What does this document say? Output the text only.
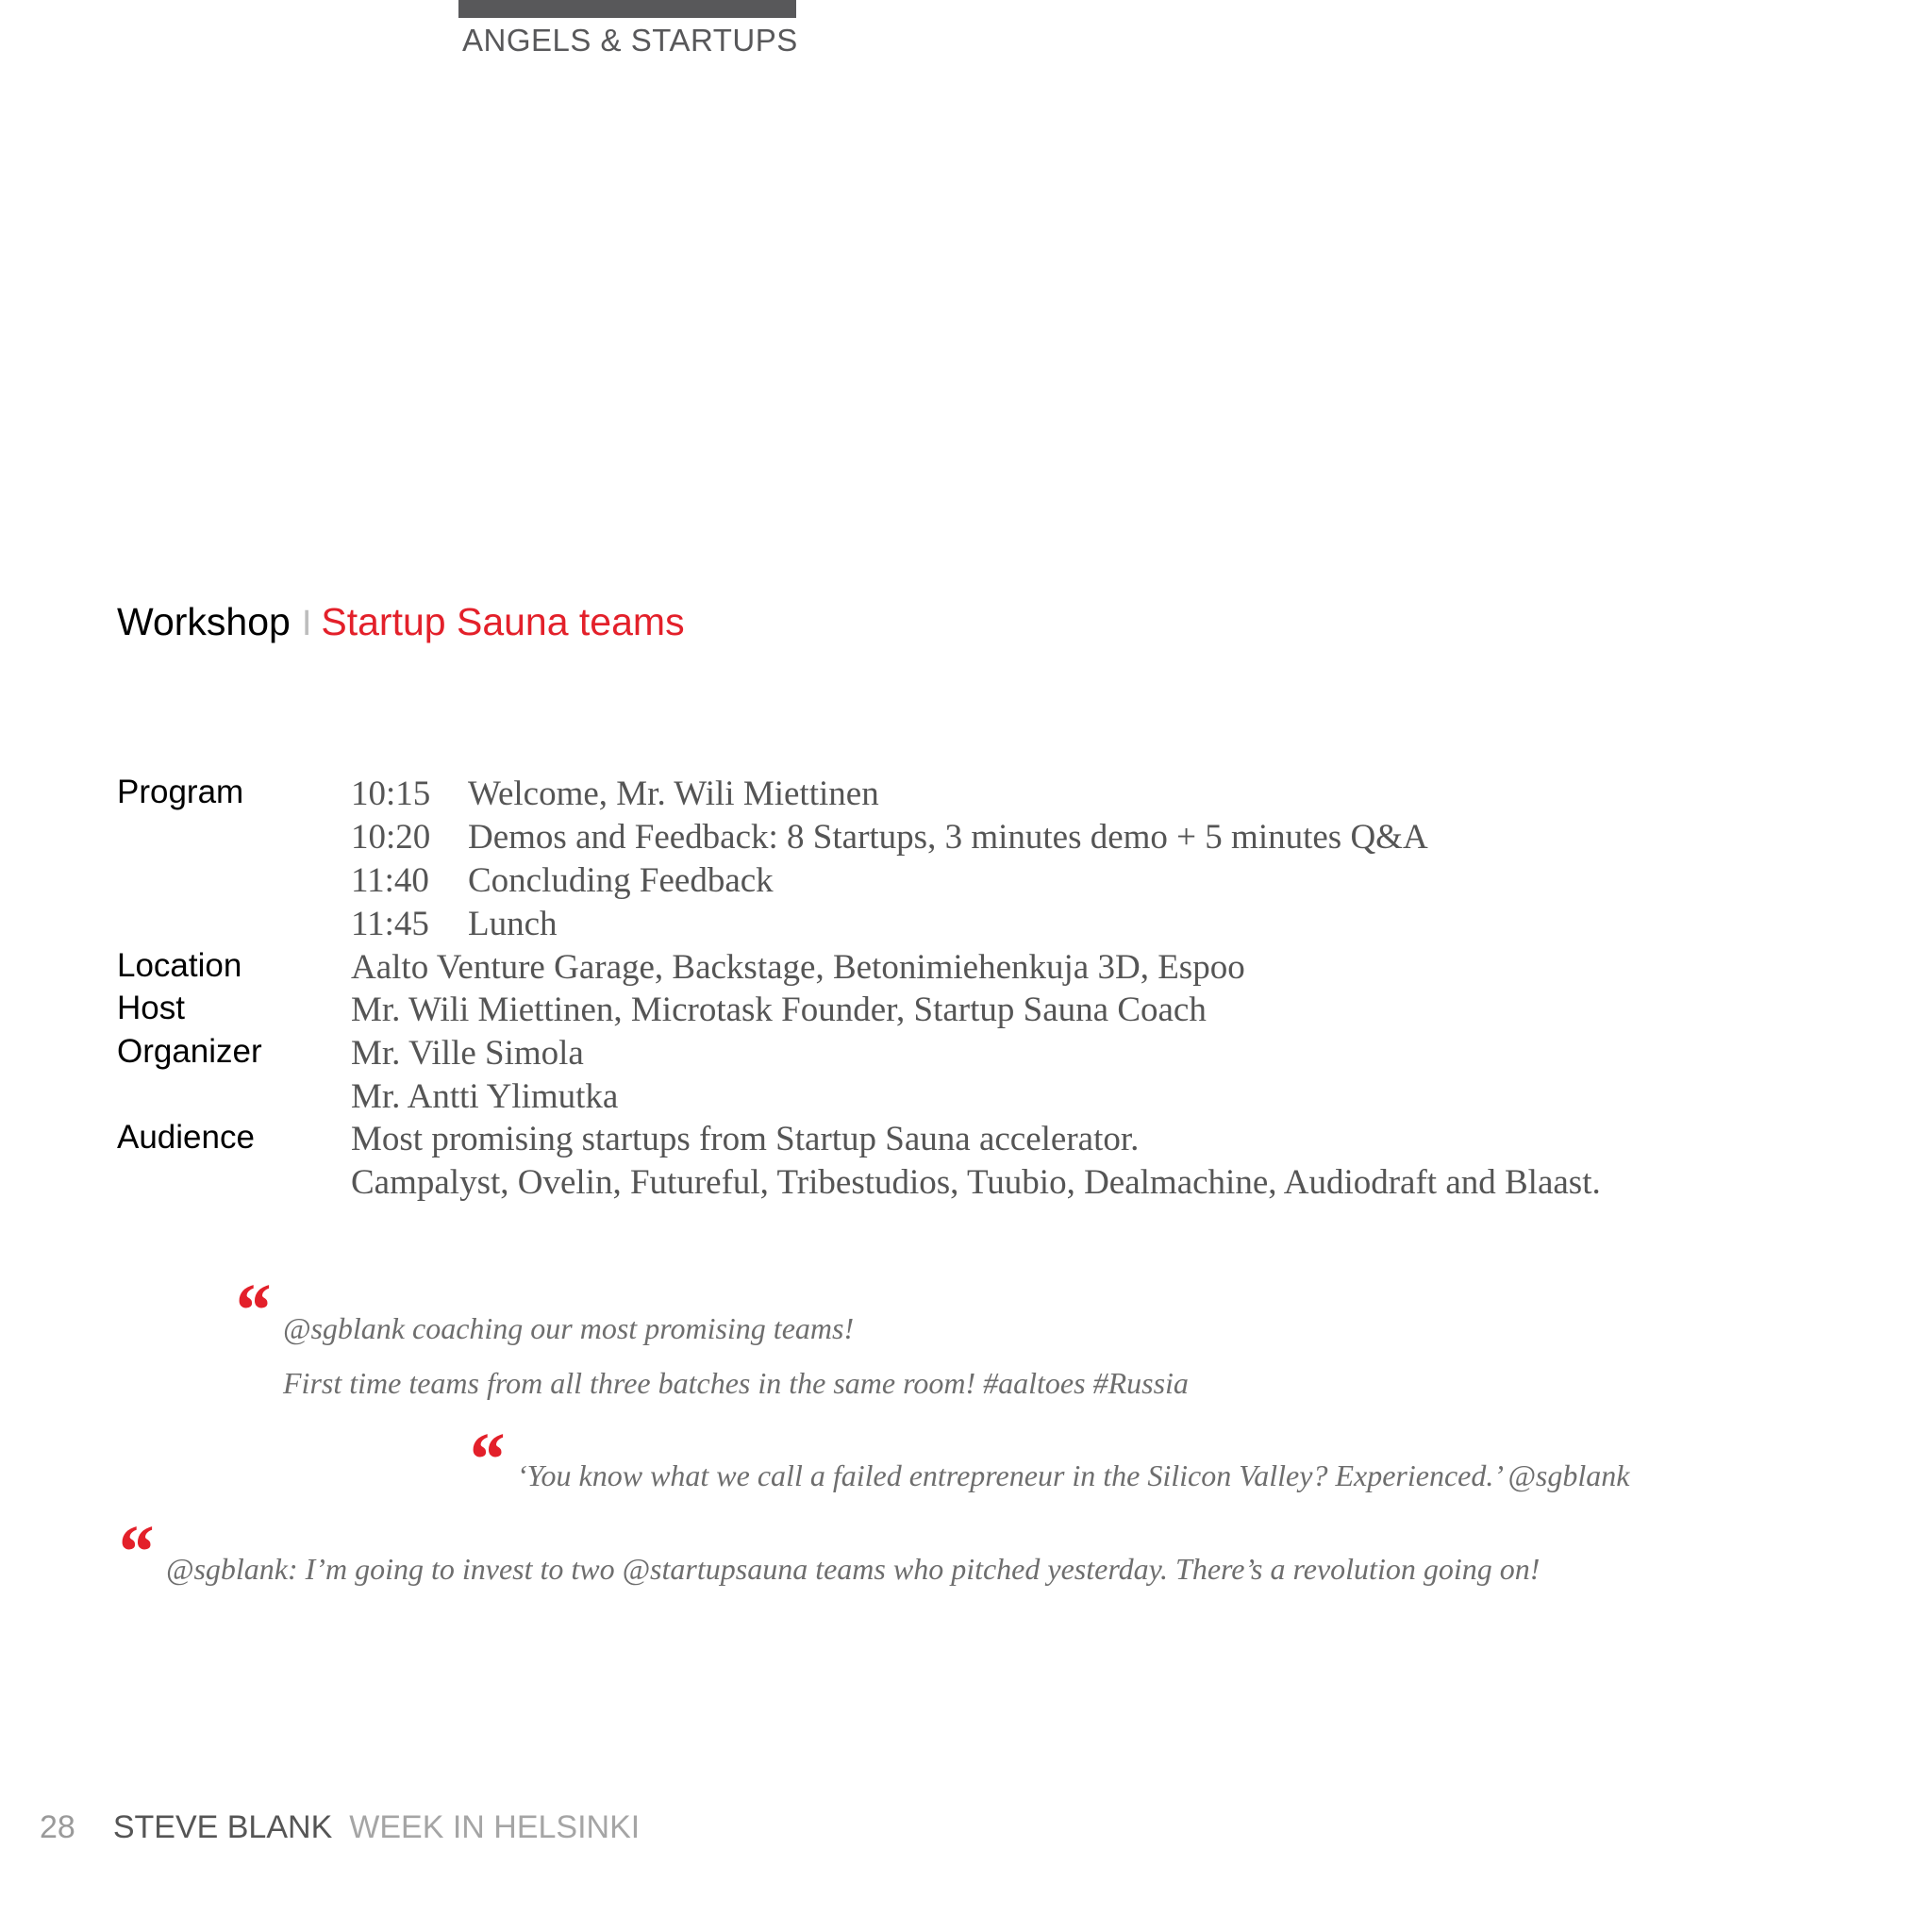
ANGELS & STARTUPS
Workshop I Startup Sauna teams
Program	10:15 Welcome, Mr. Wili Miettinen
10:20 Demos and Feedback: 8 Startups, 3 minutes demo + 5 minutes Q&A
11:40 Concluding Feedback
11:45 Lunch
Location	Aalto Venture Garage, Backstage, Betonimiehenkuja 3D, Espoo
Host	Mr. Wili Miettinen, Microtask Founder, Startup Sauna Coach
Organizer	Mr. Ville Simola
Mr. Antti Ylimutka
Audience	Most promising startups from Startup Sauna accelerator.
Campalyst, Ovelin, Futureful, Tribestudios, Tuubio, Dealmachine, Audiodraft and Blaast.
“ @sgblank coaching our most promising teams!
First time teams from all three batches in the same room! #aaltoes #Russia
“ ‘You know what we call a failed entrepreneur in the Silicon Valley? Experienced.’ @sgblank
“ @sgblank: I’m going to invest to two @startupsauna teams who pitched yesterday. There’s a revolution going on!
28 STEVE BLANK WEEK IN HELSINKI
